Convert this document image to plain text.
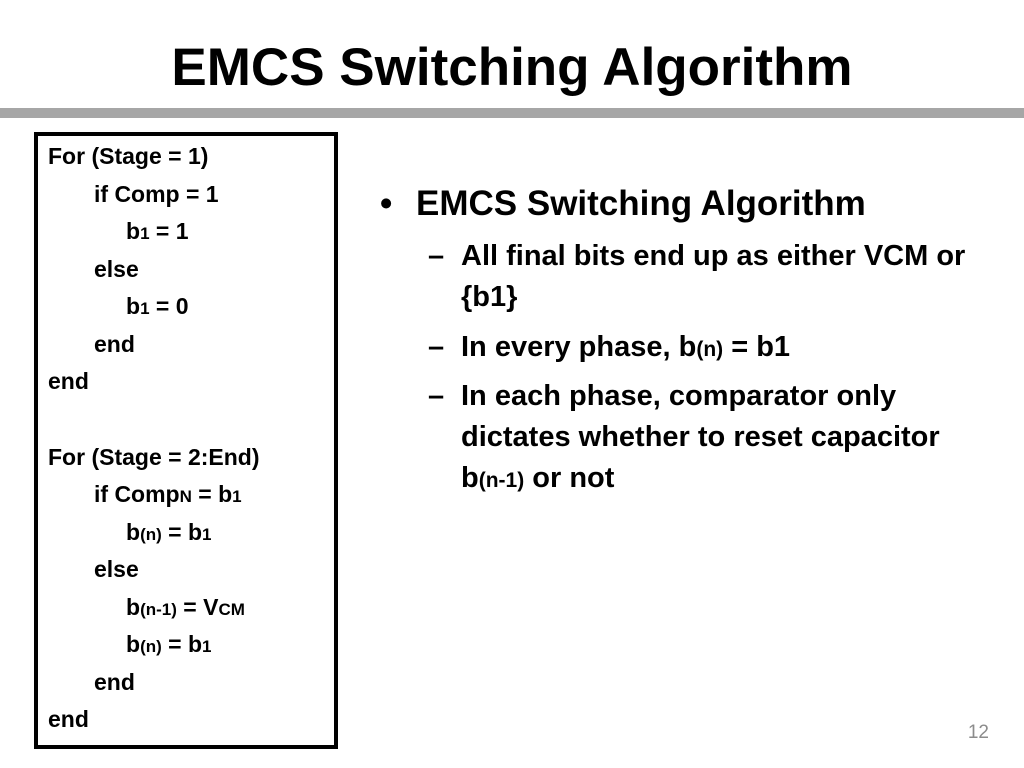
EMCS Switching Algorithm
For (Stage = 1)
if Comp = 1
b1 = 1
else
b1 = 0
end
end
For (Stage = 2:End)
if CompN = b1
b(n) = b1
else
b(n-1) = VCM
b(n) = b1
end
end
• EMCS Switching Algorithm
– All final bits end up as either VCM or {b1}
– In every phase, b(n) = b1
– In each phase, comparator only dictates whether to reset capacitor b(n-1) or not
12
